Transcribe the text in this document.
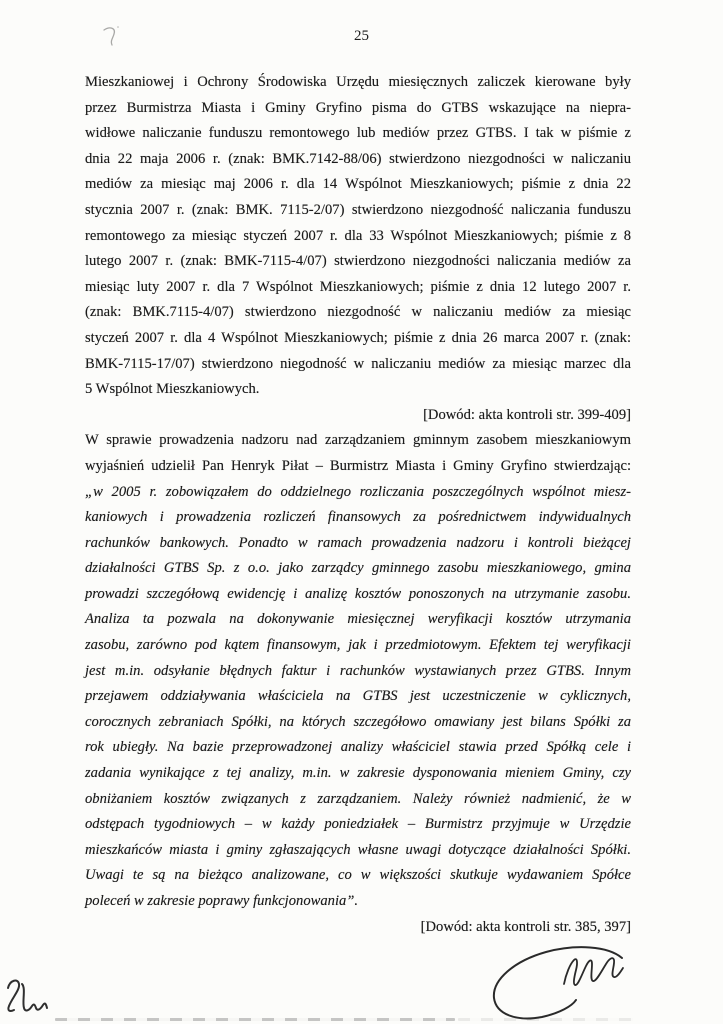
25
Mieszkaniowej i Ochrony Środowiska Urzędu miesięcznych zaliczek kierowane były
przez Burmistrza Miasta i Gminy Gryfino pisma do GTBS wskazujące na niepra-
widłowe naliczanie funduszu remontowego lub mediów przez GTBS. I tak w piśmie z
dnia 22 maja 2006 r. (znak: BMK.7142-88/06) stwierdzono niezgodności w naliczaniu
mediów za miesiąc maj 2006 r. dla 14 Wspólnot Mieszkaniowych; piśmie z dnia 22
stycznia 2007 r. (znak: BMK. 7115-2/07) stwierdzono niezgodność naliczania funduszu
remontowego za miesiąc styczeń 2007 r. dla 33 Wspólnot Mieszkaniowych; piśmie z 8
lutego 2007 r. (znak: BMK-7115-4/07) stwierdzono niezgodności naliczania mediów za
miesiąc luty 2007 r. dla 7 Wspólnot Mieszkaniowych; piśmie z dnia 12 lutego 2007 r.
(znak: BMK.7115-4/07) stwierdzono niezgodność w naliczaniu mediów za miesiąc
styczeń 2007 r. dla 4 Wspólnot Mieszkaniowych; piśmie z dnia 26 marca 2007 r. (znak:
BMK-7115-17/07) stwierdzono niegodność w naliczaniu mediów za miesiąc marzec dla
5 Wspólnot Mieszkaniowych.
[Dowód: akta kontroli str. 399-409]
W sprawie prowadzenia nadzoru nad zarządzaniem gminnym zasobem mieszkaniowym
wyjaśnień udzielił Pan Henryk Piłat – Burmistrz Miasta i Gminy Gryfino stwierdzając:
„w 2005 r. zobowiązałem do oddzielnego rozliczania poszczególnych wspólnot miesz-
kaniowych i prowadzenia rozliczeń finansowych za pośrednictwem indywidualnych
rachunków bankowych. Ponadto w ramach prowadzenia nadzoru i kontroli bieżącej
działalności GTBS Sp. z o.o. jako zarządcy gminnego zasobu mieszkaniowego, gmina
prowadzi szczegółową ewidencję i analizę kosztów ponoszonych na utrzymanie zasobu.
Analiza ta pozwala na dokonywanie miesięcznej weryfikacji kosztów utrzymania
zasobu, zarówno pod kątem finansowym, jak i przedmiotowym. Efektem tej weryfikacji
jest m.in. odsyłanie błędnych faktur i rachunków wystawianych przez GTBS. Innym
przejawem oddziaływania właściciela na GTBS jest uczestniczenie w cyklicznych,
corocznych zebraniach Spółki, na których szczegółowo omawiany jest bilans Spółki za
rok ubiegły. Na bazie przeprowadzonej analizy właściciel stawia przed Spółką cele i
zadania wynikające z tej analizy, m.in. w zakresie dysponowania mieniem Gminy, czy
obniżaniem kosztów związanych z zarządzaniem. Należy również nadmienić, że w
odstępach tygodniowych – w każdy poniedziałek – Burmistrz przyjmuje w Urzędzie
mieszkańców miasta i gminy zgłaszających własne uwagi dotyczące działalności Spółki.
Uwagi te są na bieżąco analizowane, co w większości skutkuje wydawaniem Spółce
poleceń w zakresie poprawy funkcjonowania”.
[Dowód: akta kontroli str. 385, 397]
